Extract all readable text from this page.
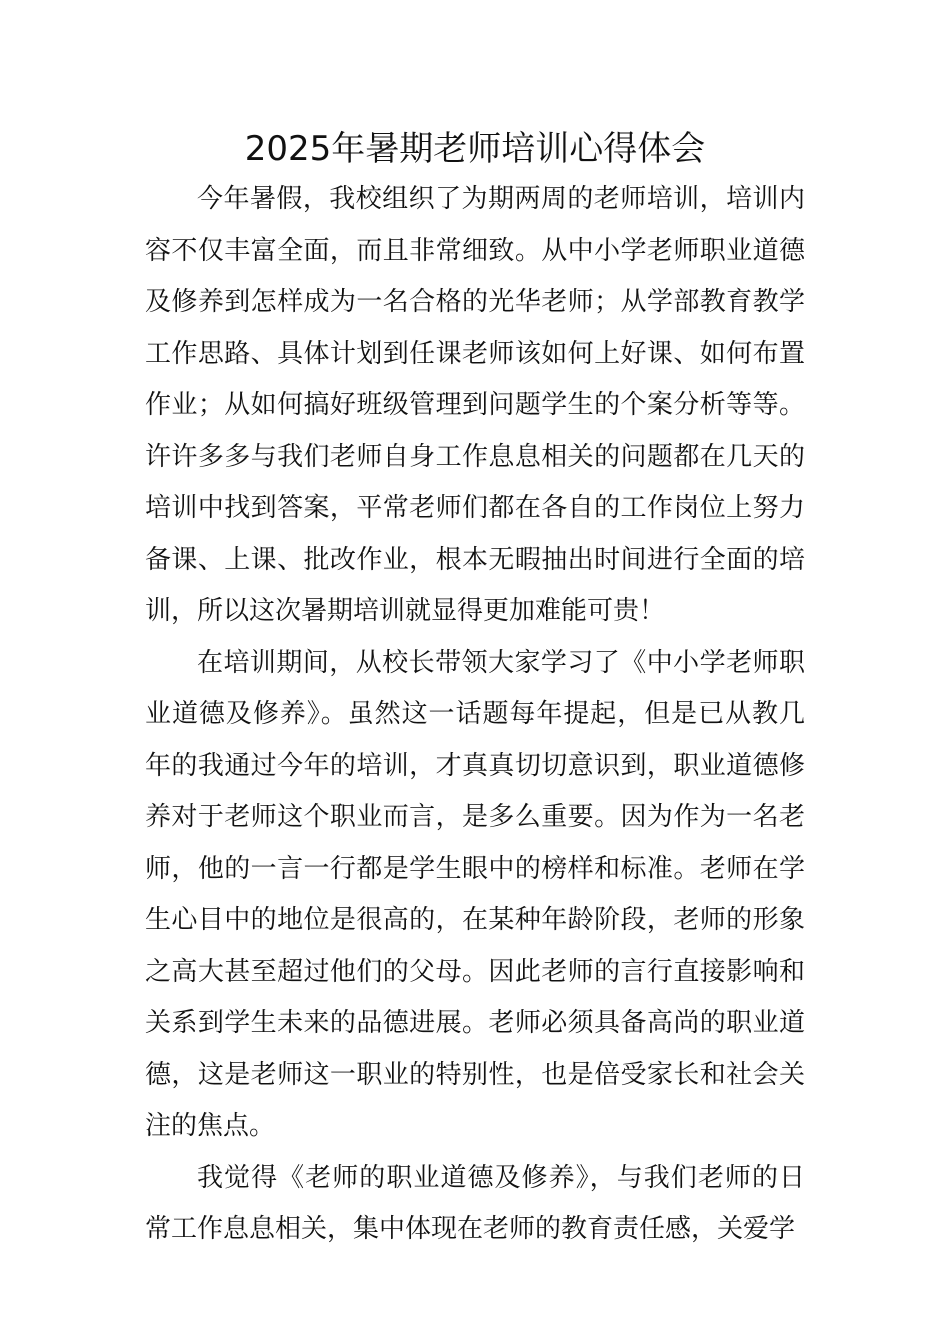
2025年暑期老师培训心得体会

今年暑假，我校组织了为期两周的老师培训，培训内容不仅丰富全面，而且非常细致。从中小学老师职业道德及修养到怎样成为一名合格的光华老师；从学部教育教学工作思路、具体计划到任课老师该如何上好课、如何布置作业；从如何搞好班级管理到问题学生的个案分析等等。许许多多与我们老师自身工作息息相关的问题都在几天的培训中找到答案，平常老师们都在各自的工作岗位上努力备课、上课、批改作业，根本无暇抽出时间进行全面的培训，所以这次暑期培训就显得更加难能可贵！

在培训期间，从校长带领大家学习了《中小学老师职业道德及修养》。虽然这一话题每年提起，但是已从教几年的我通过今年的培训，才真真切切意识到，职业道德修养对于老师这个职业而言，是多么重要。因为作为一名老师，他的一言一行都是学生眼中的榜样和标准。老师在学生心目中的地位是很高的，在某种年龄阶段，老师的形象之高大甚至超过他们的父母。因此老师的言行直接影响和关系到学生未来的品德进展。老师必须具备高尚的职业道德，这是老师这一职业的特别性，也是倍受家长和社会关注的焦点。

我觉得《老师的职业道德及修养》，与我们老师的日常工作息息相关，集中体现在老师的教育责任感，关爱学
